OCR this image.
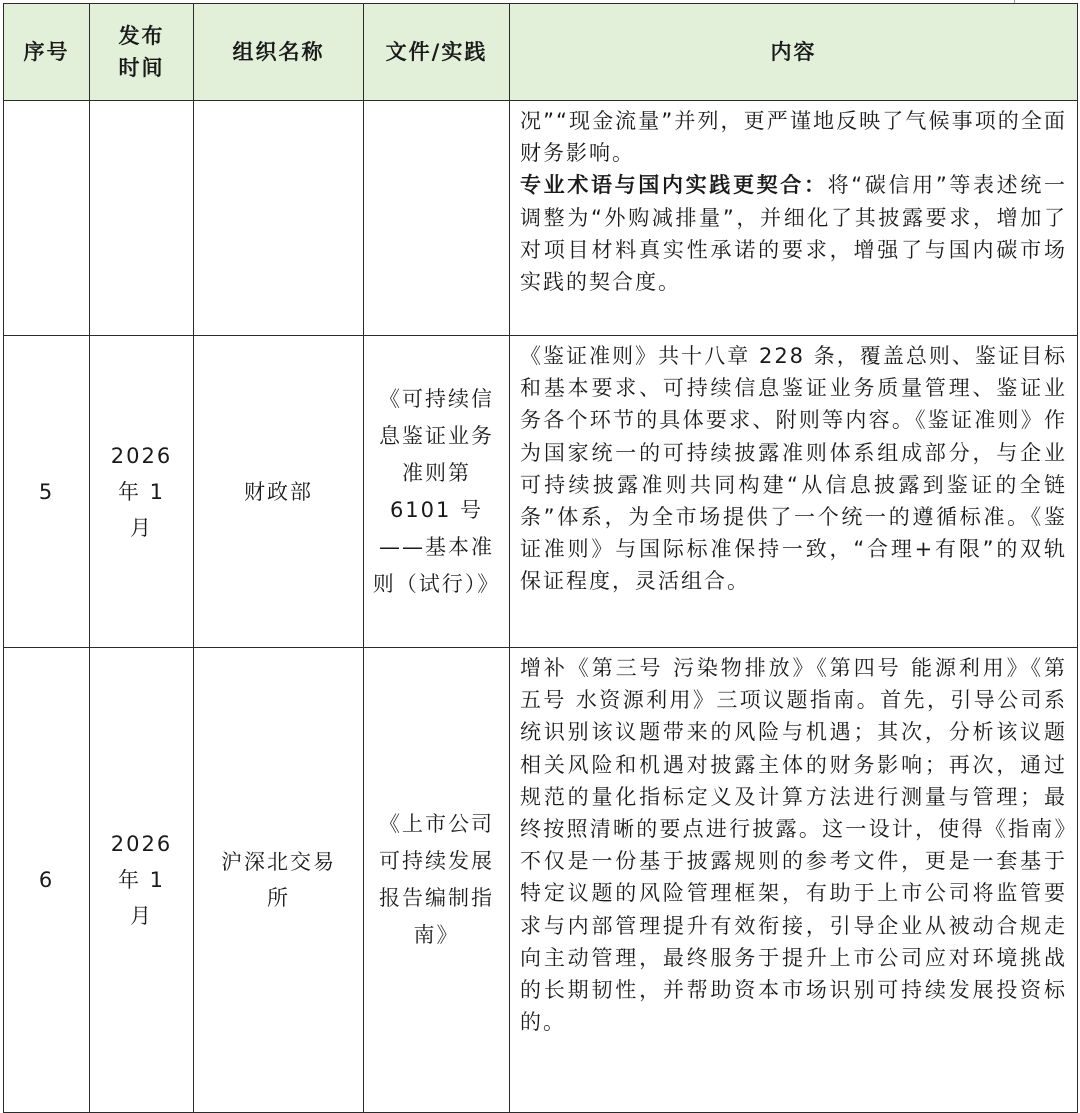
序号	发布时间	组织名称	文件/实践	内容

				况”“现金流量”并列，更严谨地反映了气候事项的全面财务影响。

专业术语与国内实践更契合：将“碳信用”等表述统一调整为“外购减排量”，并细化了其披露要求，增加了对项目材料真实性承诺的要求，增强了与国内碳市场实践的契合度。

5	2026 年 1 月	财政部	《可持续信息鉴证业务准则第 6101 号——基本准则（试行）》	《鉴证准则》共十八章 228 条，覆盖总则、鉴证目标和基本要求、可持续信息鉴证业务质量管理、鉴证业务各个环节的具体要求、附则等内容。《鉴证准则》作为国家统一的可持续披露准则体系组成部分，与企业可持续披露准则共同构建“从信息披露到鉴证的全链条”体系，为全市场提供了一个统一的遵循标准。《鉴证准则》与国际标准保持一致，“合理+有限”的双轨保证程度，灵活组合。

6	2026 年 1 月	沪深北交易所	《上市公司可持续发展报告编制指南》	增补《第三号 污染物排放》《第四号 能源利用》《第五号 水资源利用》三项议题指南。首先，引导公司系统识别该议题带来的风险与机遇；其次，分析该议题相关风险和机遇对披露主体的财务影响；再次，通过规范的量化指标定义及计算方法进行测量与管理；最终按照清晰的要点进行披露。这一设计，使得《指南》不仅是一份基于披露规则的参考文件，更是一套基于特定议题的风险管理框架，有助于上市公司将监管要求与内部管理提升有效衔接，引导企业从被动合规走向主动管理，最终服务于提升上市公司应对环境挑战的长期韧性，并帮助资本市场识别可持续发展投资标的。
